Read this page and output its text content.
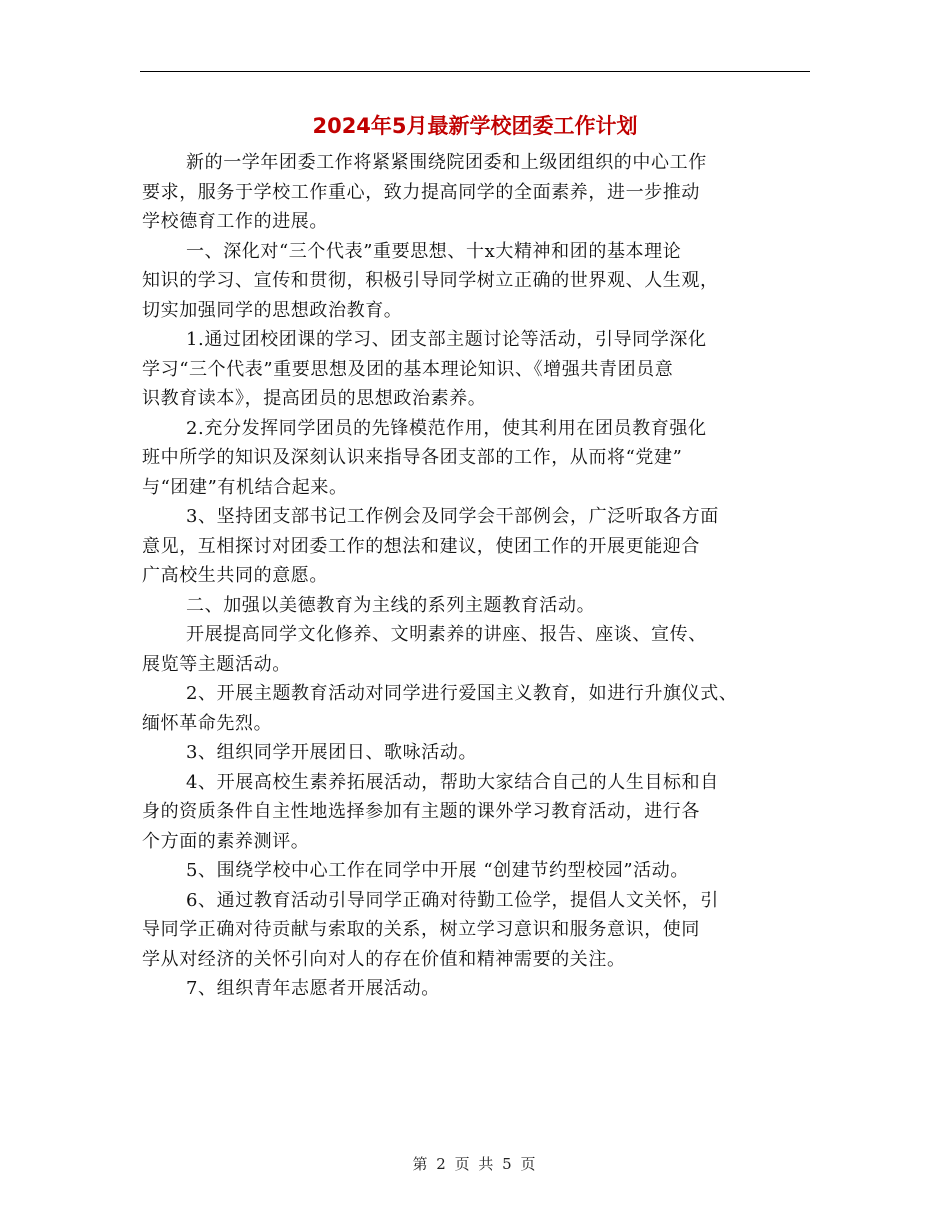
2024年5月最新学校团委工作计划

新的一学年团委工作将紧紧围绕院团委和上级团组织的中心工作
要求，服务于学校工作重心，致力提高同学的全面素养，进一步推动
学校德育工作的进展。

一、深化对“三个代表”重要思想、十x大精神和团的基本理论
知识的学习、宣传和贯彻，积极引导同学树立正确的世界观、人生观，
切实加强同学的思想政治教育。

1.通过团校团课的学习、团支部主题讨论等活动，引导同学深化
学习“三个代表”重要思想及团的基本理论知识、《增强共青团员意
识教育读本》，提高团员的思想政治素养。

2.充分发挥同学团员的先锋模范作用，使其利用在团员教育强化
班中所学的知识及深刻认识来指导各团支部的工作，从而将“党建”
与“团建”有机结合起来。

3、坚持团支部书记工作例会及同学会干部例会，广泛听取各方面
意见，互相探讨对团委工作的想法和建议，使团工作的开展更能迎合
广高校生共同的意愿。

二、加强以美德教育为主线的系列主题教育活动。

开展提高同学文化修养、文明素养的讲座、报告、座谈、宣传、
展览等主题活动。

2、开展主题教育活动对同学进行爱国主义教育，如进行升旗仪式、
缅怀革命先烈。

3、组织同学开展团日、歌咏活动。

4、开展高校生素养拓展活动，帮助大家结合自己的人生目标和自
身的资质条件自主性地选择参加有主题的课外学习教育活动，进行各
个方面的素养测评。

5、围绕学校中心工作在同学中开展 “创建节约型校园”活动。

6、通过教育活动引导同学正确对待勤工俭学，提倡人文关怀，引
导同学正确对待贡献与索取的关系，树立学习意识和服务意识，使同
学从对经济的关怀引向对人的存在价值和精神需要的关注。

7、组织青年志愿者开展活动。

第 2 页 共 5 页
